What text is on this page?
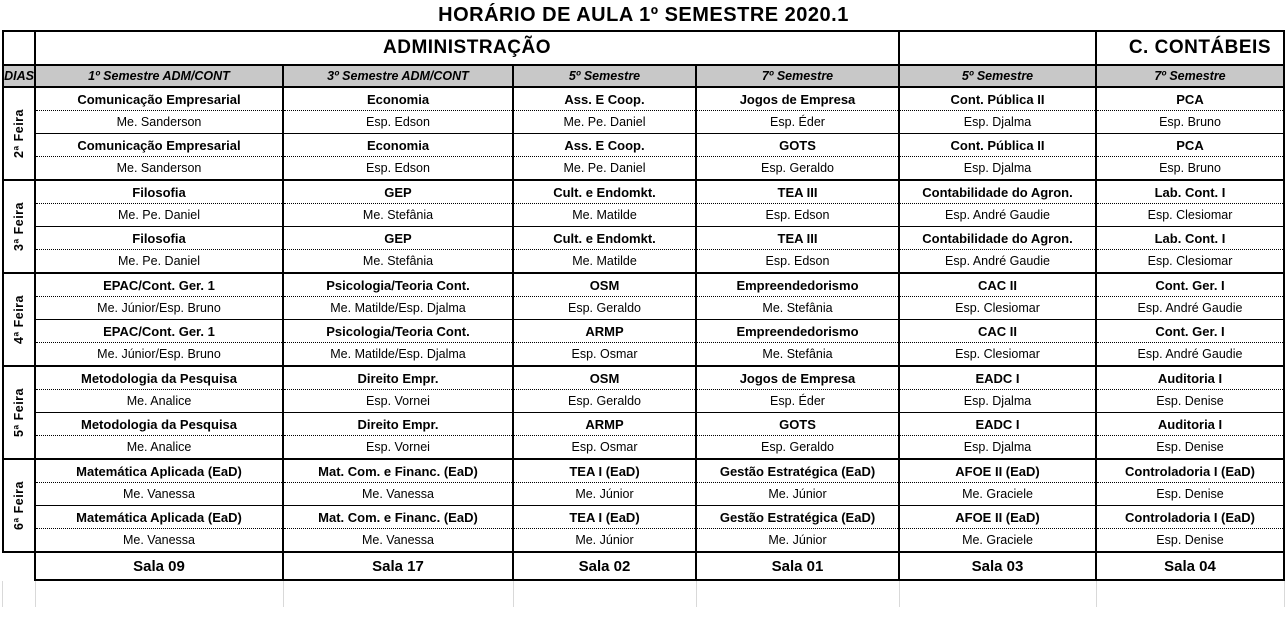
HORÁRIO DE AULA 1º SEMESTRE 2020.1

	ADMINISTRAÇÃO					C. CONTÁBEIS

DIAS	1º Semestre ADM/CONT	3º Semestre ADM/CONT	5º Semestre	7º Semestre	5º Semestre	7º Semestre

2ª Feira	Comunicação Empresarial	Economia	Ass. E Coop.	Jogos de Empresa	Cont. Pública II	PCA

	Me. Sanderson	Esp. Edson	Me. Pe. Daniel	Esp. Éder	Esp. Djalma	Esp. Bruno

	Comunicação Empresarial	Economia	Ass. E Coop.	GOTS	Cont. Pública II	PCA

	Me. Sanderson	Esp. Edson	Me. Pe. Daniel	Esp. Geraldo	Esp. Djalma	Esp. Bruno

3ª Feira	Filosofia	GEP	Cult. e Endomkt.	TEA III	Contabilidade do Agron.	Lab. Cont. I

	Me. Pe. Daniel	Me. Stefânia	Me. Matilde	Esp. Edson	Esp. André Gaudie	Esp. Clesiomar

	Filosofia	GEP	Cult. e Endomkt.	TEA III	Contabilidade do Agron.	Lab. Cont. I

	Me. Pe. Daniel	Me. Stefânia	Me. Matilde	Esp. Edson	Esp. André Gaudie	Esp. Clesiomar

4ª Feira	EPAC/Cont. Ger. 1	Psicologia/Teoria Cont.	OSM	Empreendedorismo	CAC II	Cont. Ger. I

	Me. Júnior/Esp. Bruno	Me. Matilde/Esp. Djalma	Esp. Geraldo	Me. Stefânia	Esp. Clesiomar	Esp. André Gaudie

	EPAC/Cont. Ger. 1	Psicologia/Teoria Cont.	ARMP	Empreendedorismo	CAC II	Cont. Ger. I

	Me. Júnior/Esp. Bruno	Me. Matilde/Esp. Djalma	Esp. Osmar	Me. Stefânia	Esp. Clesiomar	Esp. André Gaudie

5ª Feira	Metodologia da Pesquisa	Direito Empr.	OSM	Jogos de Empresa	EADC I	Auditoria I

	Me. Analice	Esp. Vornei	Esp. Geraldo	Esp. Éder	Esp. Djalma	Esp. Denise

	Metodologia da Pesquisa	Direito Empr.	ARMP	GOTS	EADC I	Auditoria I

	Me. Analice	Esp. Vornei	Esp. Osmar	Esp. Geraldo	Esp. Djalma	Esp. Denise

6ª Feira	Matemática Aplicada (EaD)	Mat. Com. e Financ. (EaD)	TEA I (EaD)	Gestão Estratégica (EaD)	AFOE II (EaD)	Controladoria I (EaD)

	Me. Vanessa	Me. Vanessa	Me. Júnior	Me. Júnior	Me. Graciele	Esp. Denise

	Matemática Aplicada (EaD)	Mat. Com. e Financ. (EaD)	TEA I (EaD)	Gestão Estratégica (EaD)	AFOE II (EaD)	Controladoria I (EaD)

	Me. Vanessa	Me. Vanessa	Me. Júnior	Me. Júnior	Me. Graciele	Esp. Denise

	Sala 09	Sala 17	Sala 02	Sala 01	Sala 03	Sala 04
